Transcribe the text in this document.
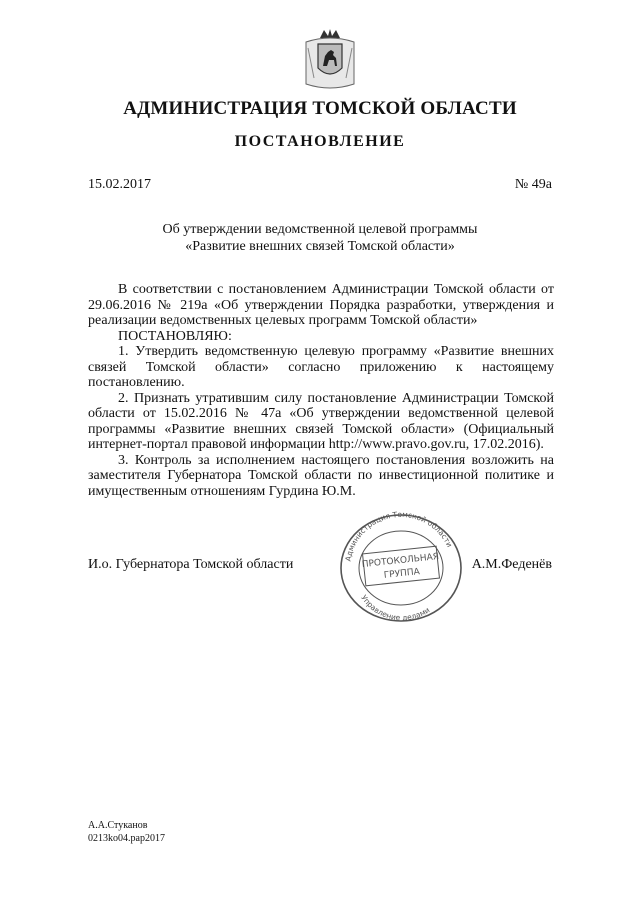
АДМИНИСТРАЦИЯ ТОМСКОЙ ОБЛАСТИ
ПОСТАНОВЛЕНИЕ
15.02.2017	№ 49а
Об утверждении ведомственной целевой программы
«Развитие внешних связей Томской области»

В соответствии с постановлением Администрации Томской области от 29.06.2016 № 219а «Об утверждении Порядка разработки, утверждения и реализации ведомственных целевых программ Томской области»

ПОСТАНОВЛЯЮ:

1. Утвердить ведомственную целевую программу «Развитие внешних связей Томской области» согласно приложению к настоящему постановлению.

2. Признать утратившим силу постановление Администрации Томской области от 15.02.2016 № 47а «Об утверждении ведомственной целевой программы «Развитие внешних связей Томской области» (Официальный интернет-портал правовой информации http://www.pravo.gov.ru, 17.02.2016).

3. Контроль за исполнением настоящего постановления возложить на заместителя Губернатора Томской области по инвестиционной политике и имущественным отношениям Гурдина Ю.М.

И.о. Губернатора Томской области	А.М.Феденёв
Администрация Томской области
Управление делами
ПРОТОКОЛЬНАЯ
ГРУППА
А.А.Стуканов
0213ko04.pap2017
